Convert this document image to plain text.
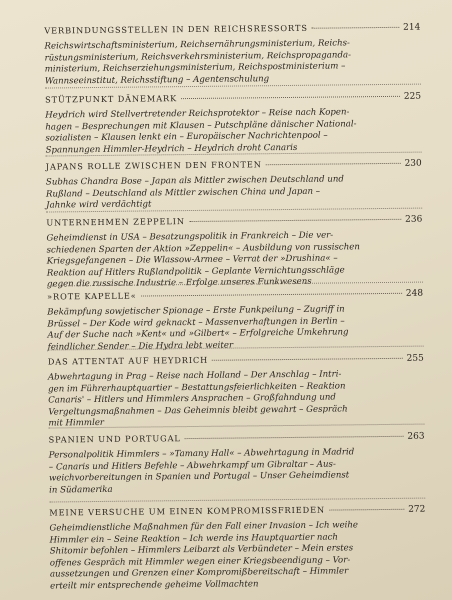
VERBINDUNGSSTELLEN IN DEN REICHSRESSORTS	214
Reichswirtschaftsministerium, Reichsernährungsministerium, Reichs-
rüstungsministerium, Reichsverkehrsministerium, Reichspropaganda-
ministerium, Reichserziehungsministerium, Reichspostministerium –
Wannseeinstitut, Reichsstiftung – Agentenschulung
STÜTZPUNKT DÄNEMARK	225
Heydrich wird Stellvertretender Reichsprotektor – Reise nach Kopen-
hagen – Besprechungen mit Klausen – Putschpläne dänischer National-
sozialisten – Klausen lenkt ein – Europäischer Nachrichtenpool –
Spannungen Himmler-Heydrich – Heydrich droht Canaris
JAPANS ROLLE ZWISCHEN DEN FRONTEN	230
Subhas Chandra Bose – Japan als Mittler zwischen Deutschland und
Rußland – Deutschland als Mittler zwischen China und Japan –
Jahnke wird verdächtigt
UNTERNEHMEN ZEPPELIN	236
Geheimdienst in USA – Besatzungspolitik in Frankreich – Die ver-
schiedenen Sparten der Aktion »Zeppelin« – Ausbildung von russischen
Kriegsgefangenen – Die Wlassow-Armee – Verrat der »Drushina« –
Reaktion auf Hitlers Rußlandpolitik – Geplante Vernichtungsschläge
gegen die russische Industrie – Erfolge unseres Funkwesens
»ROTE KAPELLE«	248
Bekämpfung sowjetischer Spionage – Erste Funkpeilung – Zugriff in
Brüssel – Der Kode wird geknackt – Massenverhaftungen in Berlin –
Auf der Suche nach »Kent« und »Gilbert« – Erfolgreiche Umkehrung
feindlicher Sender – Die Hydra lebt weiter
DAS ATTENTAT AUF HEYDRICH	255
Abwehrtagung in Prag – Reise nach Holland – Der Anschlag – Intri-
gen im Führerhauptquartier – Bestattungsfeierlichkeiten – Reaktion
Canaris' – Hitlers und Himmlers Ansprachen – Großfahndung und
Vergeltungsmaßnahmen – Das Geheimnis bleibt gewahrt – Gespräch
mit Himmler
SPANIEN UND PORTUGAL	263
Personalpolitik Himmlers – »Tamany Hall« – Abwehrtagung in Madrid
– Canaris und Hitlers Befehle – Abwehrkampf um Gibraltar – Aus-
weichvorbereitungen in Spanien und Portugal – Unser Geheimdienst
in Südamerika
MEINE VERSUCHE UM EINEN KOMPROMISSFRIEDEN	272
Geheimdienstliche Maßnahmen für den Fall einer Invasion – Ich weihe
Himmler ein – Seine Reaktion – Ich werde ins Hauptquartier nach
Shitomir befohlen – Himmlers Leibarzt als Verbündeter – Mein erstes
offenes Gespräch mit Himmler wegen einer Kriegsbeendigung – Vor-
aussetzungen und Grenzen einer Kompromißbereitschaft – Himmler
erteilt mir entsprechende geheime Vollmachten
